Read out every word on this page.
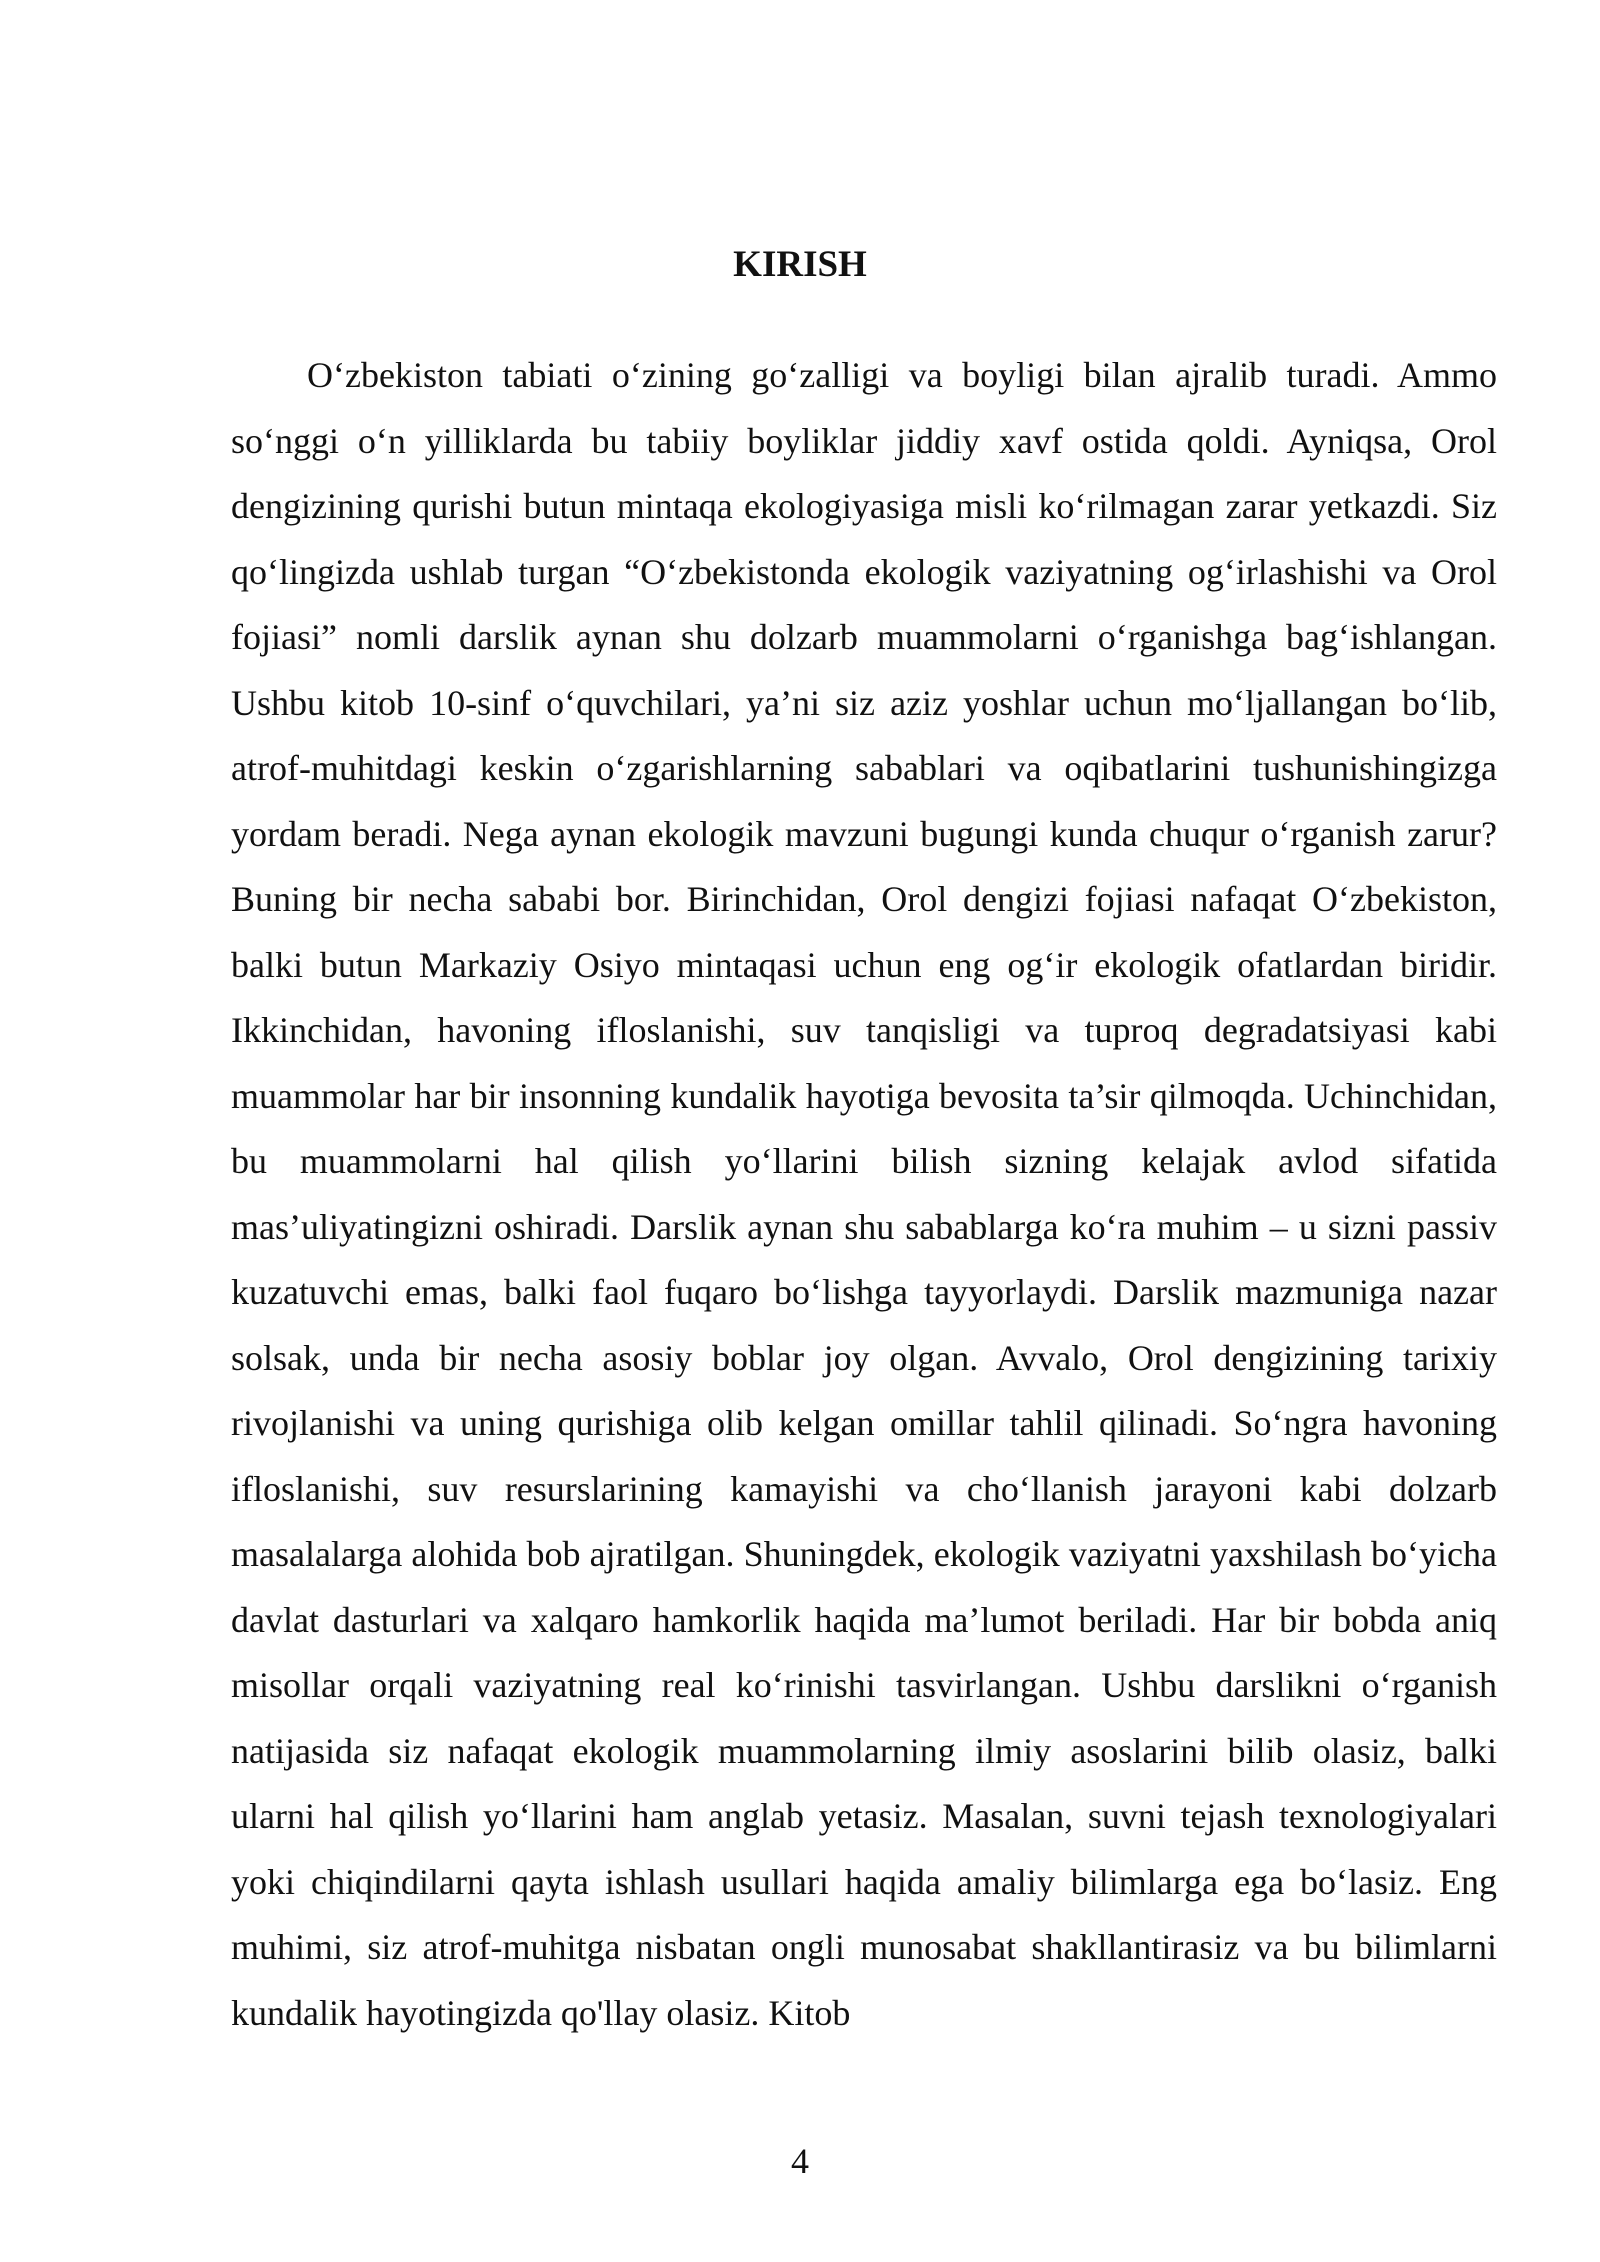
KIRISH

O‘zbekiston tabiati o‘zining go‘zalligi va boyligi bilan ajralib turadi. Ammo so‘nggi o‘n yilliklarda bu tabiiy boyliklar jiddiy xavf ostida qoldi. Ayniqsa, Orol dengizining qurishi butun mintaqa ekologiyasiga misli ko‘rilmagan zarar yetkazdi. Siz qo‘lingizda ushlab turgan “O‘zbekistonda ekologik vaziyatning og‘irlashishi va Orol fojiasi” nomli darslik aynan shu dolzarb muammolarni o‘rganishga bag‘ishlangan. Ushbu kitob 10-sinf o‘quvchilari, ya’ni siz aziz yoshlar uchun mo‘ljallangan bo‘lib, atrof-muhitdagi keskin o‘zgarishlarning sabablari va oqibatlarini tushunishingizga yordam beradi. Nega aynan ekologik mavzuni bugungi kunda chuqur o‘rganish zarur? Buning bir necha sababi bor. Birinchidan, Orol dengizi fojiasi nafaqat O‘zbekiston, balki butun Markaziy Osiyo mintaqasi uchun eng og‘ir ekologik ofatlardan biridir. Ikkinchidan, havoning ifloslanishi, suv tanqisligi va tuproq degradatsiyasi kabi muammolar har bir insonning kundalik hayotiga bevosita ta’sir qilmoqda. Uchinchidan, bu muammolarni hal qilish yo‘llarini bilish sizning kelajak avlod sifatida mas’uliyatingizni oshiradi. Darslik aynan shu sabablarga ko‘ra muhim – u sizni passiv kuzatuvchi emas, balki faol fuqaro bo‘lishga tayyorlaydi. Darslik mazmuniga nazar solsak, unda bir necha asosiy boblar joy olgan. Avvalo, Orol dengizining tarixiy rivojlanishi va uning qurishiga olib kelgan omillar tahlil qilinadi. So‘ngra havoning ifloslanishi, suv resurslarining kamayishi va cho‘llanish jarayoni kabi dolzarb masalalarga alohida bob ajratilgan. Shuningdek, ekologik vaziyatni yaxshilash bo‘yicha davlat dasturlari va xalqaro hamkorlik haqida ma’lumot beriladi. Har bir bobda aniq misollar orqali vaziyatning real ko‘rinishi tasvirlangan. Ushbu darslikni o‘rganish natijasida siz nafaqat ekologik muammolarning ilmiy asoslarini bilib olasiz, balki ularni hal qilish yo‘llarini ham anglab yetasiz. Masalan, suvni tejash texnologiyalari yoki chiqindilarni qayta ishlash usullari haqida amaliy bilimlarga ega bo‘lasiz. Eng muhimi, siz atrof-muhitga nisbatan ongli munosabat shakllantirasiz va bu bilimlarni kundalik hayotingizda qo'llay olasiz. Kitob

4
